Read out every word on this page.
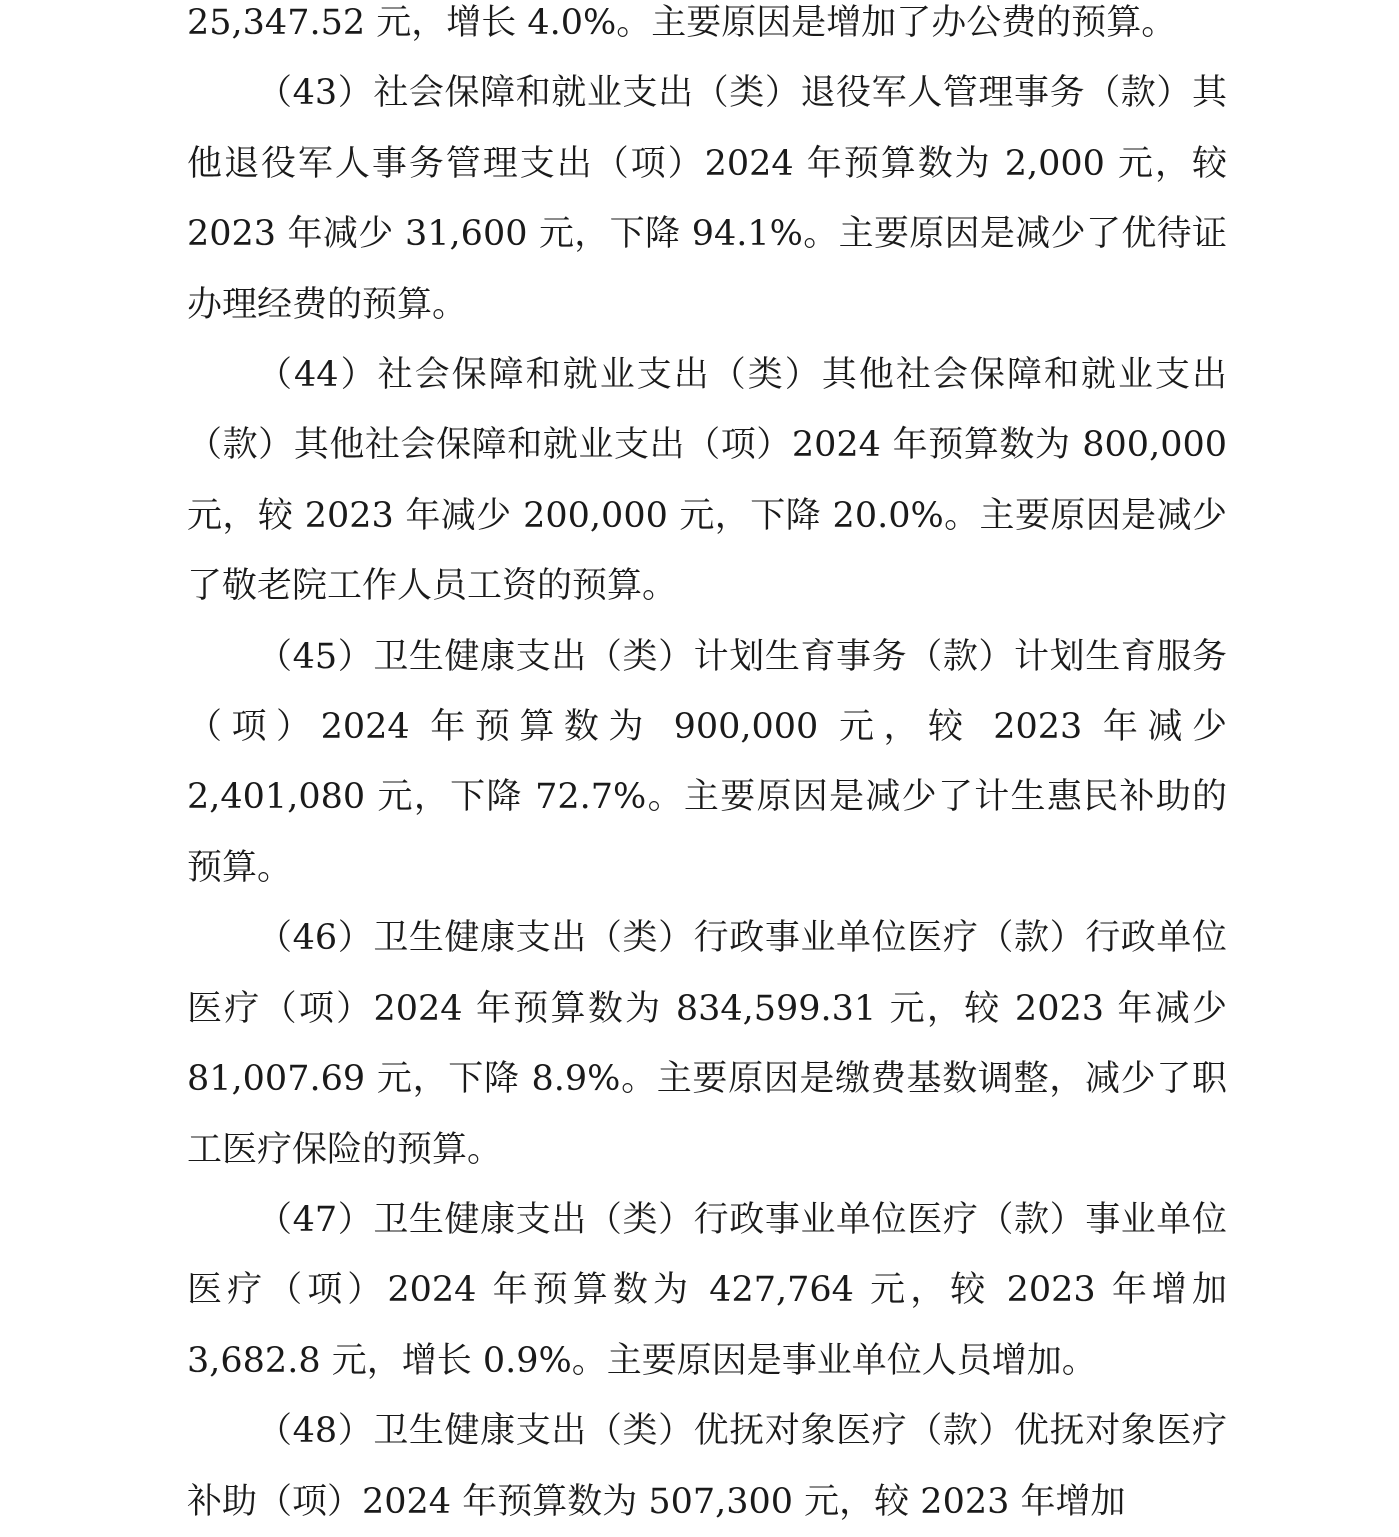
25,347.52 元，增长 4.0%。主要原因是增加了办公费的预算。

（43）社会保障和就业支出（类）退役军人管理事务（款）其他退役军人事务管理支出（项）2024 年预算数为 2,000 元，较 2023 年减少 31,600 元，下降 94.1%。主要原因是减少了优待证办理经费的预算。

（44）社会保障和就业支出（类）其他社会保障和就业支出（款）其他社会保障和就业支出（项）2024 年预算数为 800,000 元，较 2023 年减少 200,000 元，下降 20.0%。主要原因是减少了敬老院工作人员工资的预算。

（45）卫生健康支出（类）计划生育事务（款）计划生育服务（项）2024 年预算数为 900,000 元，较 2023 年减少 2,401,080 元，下降 72.7%。主要原因是减少了计生惠民补助的预算。

（46）卫生健康支出（类）行政事业单位医疗（款）行政单位医疗（项）2024 年预算数为 834,599.31 元，较 2023 年减少 81,007.69 元，下降 8.9%。主要原因是缴费基数调整，减少了职工医疗保险的预算。

（47）卫生健康支出（类）行政事业单位医疗（款）事业单位医疗（项）2024 年预算数为 427,764 元，较 2023 年增加 3,682.8 元，增长 0.9%。主要原因是事业单位人员增加。

（48）卫生健康支出（类）优抚对象医疗（款）优抚对象医疗补助（项）2024 年预算数为 507,300 元，较 2023 年增加
